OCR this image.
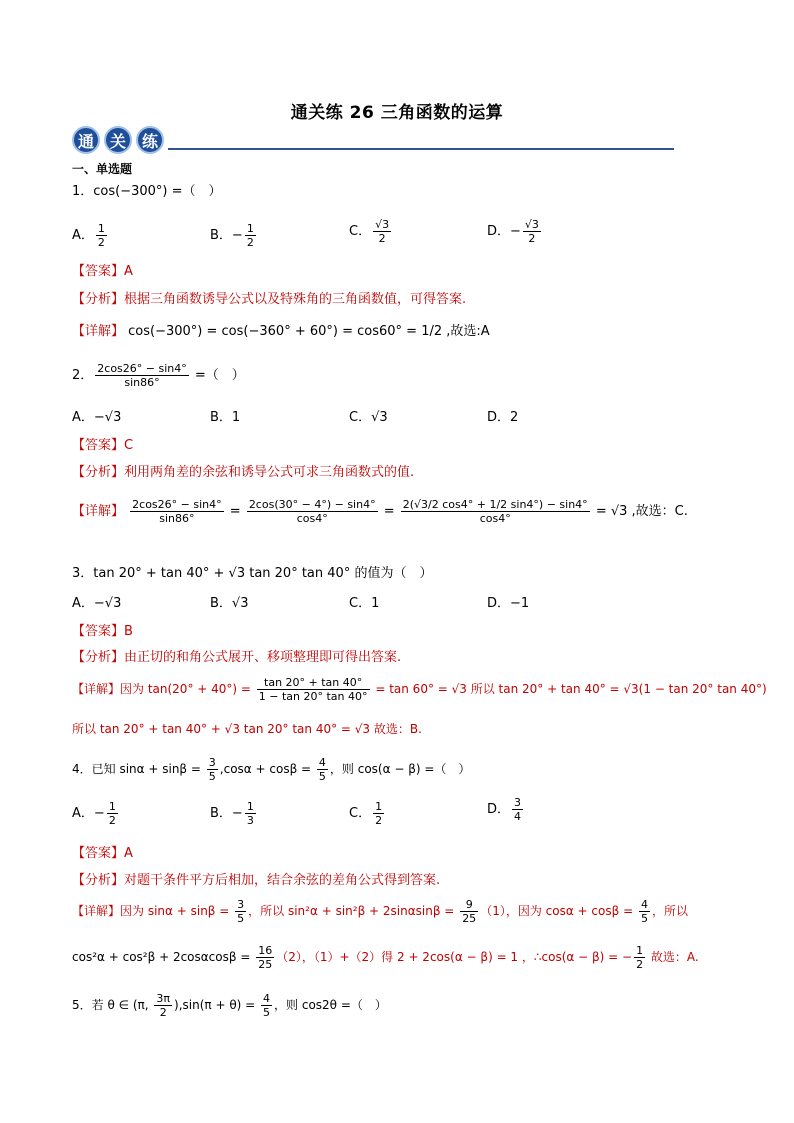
通关练 26 三角函数的运算
通 关 练
一、单选题
1．cos(−300°) =（　）
A． $\frac{1}{2}$	B．− $\frac{1}{2}$	C． $\frac{√3}{2}$	D．− $\frac{√3}{2}$
【答案】A
【分析】根据三角函数诱导公式以及特殊角的三角函数值，可得答案.
【详解】 cos(−300°) = cos(−360° + 60°) = cos60° = 1/2 ,故选:A
2． $\frac{2\cos 26^\circ - \sin 4^\circ}{\sin 86^\circ}$ =（　）
A．−√3	B．1	C．√3	D．2
【答案】C
【分析】利用两角差的余弦和诱导公式可求三角函数式的值.
【详解】 $\frac{2\cos 26^\circ - \sin 4^\circ}{\sin 86^\circ} = \frac{2\cos(30^\circ - 4^\circ) - \sin 4^\circ}{\cos 4^\circ} = \frac{2(√3/2 \cos 4^\circ + 1/2 \sin 4^\circ) - \sin 4^\circ}{\cos 4^\circ} = √3$ ,故选：C.
3．tan 20° + tan 40° + √3 tan 20° tan 40° 的值为（　）
A．−√3	B．√3	C．1	D．−1
【答案】B
【分析】由正切的和角公式展开、移项整理即可得出答案.
【详解】因为 $\tan(20^\circ + 40^\circ) = \frac{\tan 20^\circ + \tan 40^\circ}{1 - \tan 20^\circ \tan 40^\circ} = \tan 60^\circ = √3$ 所以 tan 20° + tan 40° = √3(1 − tan 20° tan 40°)
所以 tan 20° + tan 40° + √3 tan 20° tan 40° = √3 故选：B.
4．已知 $\sin\alpha + \sin\beta = \frac{3}{5} ,\cos\alpha + \cos\beta = \frac{4}{5}$ ，则 cos(α − β) =（　）
A．− $\frac{1}{2}$	B．− $\frac{1}{3}$	C． $\frac{1}{2}$	D． $\frac{3}{4}$
【答案】A
【分析】对题干条件平方后相加，结合余弦的差角公式得到答案.
【详解】因为 $\sin\alpha + \sin\beta = \frac{3}{5}$ ，所以 $\sin^2\alpha + \sin^2\beta + 2\sin\alpha\sin\beta = \frac{9}{25} (1)$，因为 $\cos\alpha + \cos\beta = \frac{4}{5}$ ，所以
$\cos^2\alpha + \cos^2\beta + 2\cos\alpha\cos\beta = \frac{16}{25} (2)$，（1）+（2）得 2 + 2cos(α − β) = 1 ，∴cos(α − β) = − $\frac{1}{2}$ 故选：A.
5．若 θ ∈ (π, $\frac{3\pi}{2} ),\sin(\pi + \theta) = \frac{4}{5}$ ，则 cos2θ =（　）
